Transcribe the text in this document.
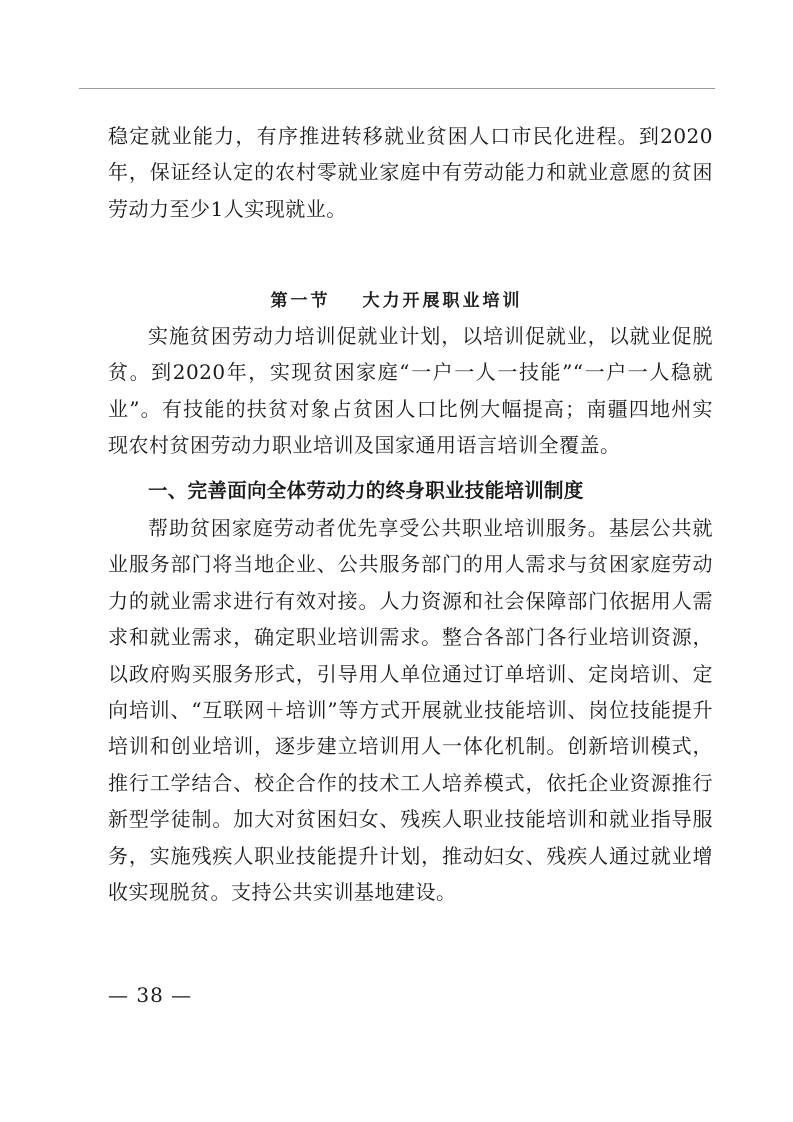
稳定就业能力，有序推进转移就业贫困人口市民化进程。到2020年，保证经认定的农村零就业家庭中有劳动能力和就业意愿的贫困劳动力至少1人实现就业。

第一节 大力开展职业培训

实施贫困劳动力培训促就业计划，以培训促就业，以就业促脱贫。到2020年，实现贫困家庭“一户一人一技能”“一户一人稳就业”。有技能的扶贫对象占贫困人口比例大幅提高；南疆四地州实现农村贫困劳动力职业培训及国家通用语言培训全覆盖。

一、完善面向全体劳动力的终身职业技能培训制度

帮助贫困家庭劳动者优先享受公共职业培训服务。基层公共就业服务部门将当地企业、公共服务部门的用人需求与贫困家庭劳动力的就业需求进行有效对接。人力资源和社会保障部门依据用人需求和就业需求，确定职业培训需求。整合各部门各行业培训资源，以政府购买服务形式，引导用人单位通过订单培训、定岗培训、定向培训、“互联网＋培训”等方式开展就业技能培训、岗位技能提升培训和创业培训，逐步建立培训用人一体化机制。创新培训模式，推行工学结合、校企合作的技术工人培养模式，依托企业资源推行新型学徒制。加大对贫困妇女、残疾人职业技能培训和就业指导服务，实施残疾人职业技能提升计划，推动妇女、残疾人通过就业增收实现脱贫。支持公共实训基地建设。

— 38 —
